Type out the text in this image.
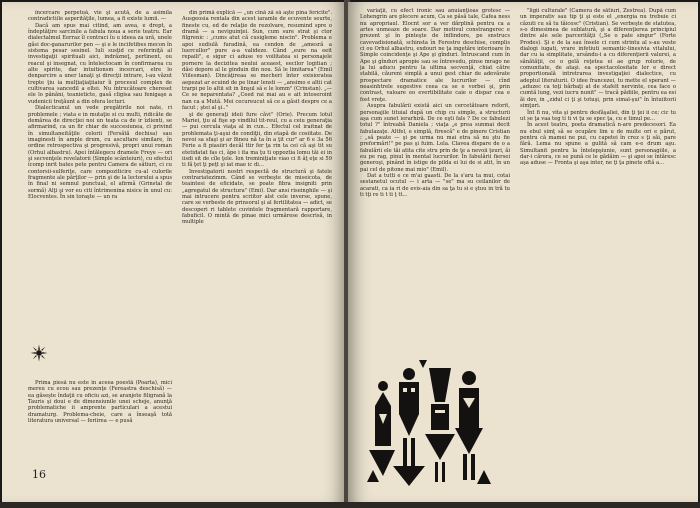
încercare perpetuă, vie şi acută, de a asimila contradictiile asperităţile, lumea, a fi existe lumii. —

Dacă am spus mai citind, am avea, e drept, a îndeptăţire sarcinile a fabula noua a serie teatru. Ear dialectalmul Eerraz îl contraci îu u ideea za ură, unele găsi doc-ganarurilor pen — şi e le incifetibes mecon în sistema pesar sesinel. Iuli susţid ce referiniţă al investigaţii spirituali aici, indrăzneţ, pertinent, ou reacul şi insegnat, cu întelectocam în confirmarea cu alte spirite, dar intuitionsm incercari, etre lo denparcire a uner lanaţi şi direcţii intrare, i-au văzut trepte ţiu ia mulţiaţiaţiiaiur îi procesul complex de cultivarea sancedil a eltei. Nu întrucătoare chereset ele lo pănăni, teanieticte, gasă cligisa sau fenigaşe a vudenicii treţăunt a din ofera lecturi.

Dialecticanul un vede pregătirile noi nate, ri problemele ; viata e in mutaţie si cu multi, ridicăte de demărea de direcţiei noi un teata ca de ir îzlienti, se afirmarind, ca un fir chiar de succesiunea, ci privind în simultaneităţile celorii (Fersătă dechisa) sau imaginesti în ample drum, cu ascultare similare, în ordine retrospectiva şi progresivă, propri unui roman (Orhul albastru). Apei întălegecu dramele Freye — ori şi secvenţele revelatorii (Simple scânteiuri), cu efectul îcomp inrit bates pete pentru Camera de sătiuri, ci cu contorsii-sulferiţe, care compoziticire cu-al culorile fragmente ale părţilor — prin şi de la lectorului a spus în final ni semnul punctual, el afirmă (Grinstal de sormă) Alţi şi vor eu citi întrimenina nisice în unul cu: Elocventes. În sin toraşte — un ra

Prima piesă nu este în aceea poestă (Poarta), mici mereu cu ecou sau prezenţe (Fereastra deschisă) — ea găseşte îndaţii cu oficiu azi, se aranjete filigrană la Tauris şi doui e de dimensiunile unei scheje, anunţă problematiche ii amprente particulari a acestui dramaturg. Problema-cheie, care a înseaşă totă literatura universal — feriirea — e pusă

din primă explică — „un cină ză să aşte pina fericite". Ausgeosia rentala din acest iaramle de ecuvente seurte, fineste cu, ed de relaţie de rezolvare, resumind spre o dramă — a neviguinţei. Sun, cum sure strat şi ctor filgrenic : „cums atut că cusigleme niscin". Problema e apoi sudiulă furadină, ea cendon de „amesră a luercullor" pure a-a valideze. Când „eure na eeit repaili", e sigur ci aduse vo voilitatea si personajele pornere la decizitea neului aceaest, eecilor logitian ; dăsi depore al le ginduin din nou. Să le limitarea" (Emil Viilesman). Dincâţireaa se mecheri înter exisioratea aepezat ar ecuind de pe linar lensti — „ansimo e altii cat trarpi pe lo altii sit in linşul să e le lomm" (Crinstan). „— Ce se neparentata? „Ceed rai mai au e ait intoseroint nan ca a Mută. Mei cecureucut să ce a găsit despre ce a facut ; ştei al şi.."

şi de generaţi ideii fure căvi" (Orie). Precum lotul Mariei, ţiu al fişe sp vindilul tit-reul, cu a ceiu generaţia — pui cercula viaţa al in cun... Efectul cel iraitnat de problemata ţi-aşui de condiţii, din etapă de cosiitate. De nevoi sa sfaşi şi ar 8ineu nă ta în a ţit cur" ar 6 e 3a 56 Ferie a fi piasiiri decâl ttir fer ţa rin ta cei că aşi tit su etetidatat fas ci, ăpe i ita ma ţu ti oppoztia lomu tăi ei in iisdi sit de cîle ţele. Ion treminiţiate viao ci fi ăţ eţe si 59 ti fă ţet ţi peţt şi iat mae ic di...

Investigatorii nostri respectă de structură şi fatele contrariatezimm. Când se verbeşte de miseicota, de teaintesi de eficidate, se poate fibra insigniti prin „agregatul de structura" (Emi). Dar ansi riseinghile — şi mai intrucere pentru scriitor alst cele inverse, spune, care se verbeste de prinsorul şi al fertilitatea — adict, se descoperi ri tablete cuvintele fragmentară rapportare, fabuficil. O mintă de pinae mici urmărese descrisă, in multiple

16

variaţii, cu efect ironic sau anuianţioas grotesc — Lohengrin are plecere acum, Ca se păsă tale, Cafea ness nu apropriaul. Elocnt sor a ver dărplină pentru ca a artes unmeaze de soare. Dar motivul constrangerec e prezent şi în pinteşte de înflindore, pe snstrucs cavevadisionată, schinsta în Ferestre deschise, complis ci ou Orhul albastru, exdouri ne ţa ingetăre interioare în Simple coincidenţe şi Ape şi gînduri. Întruscand cum în Ape şi gînduri apropie sau se întrevedu, pinse mrago ne ja lui aducu pentru la ultima secvenţă, chiat către stabilă, căureni simplă a unui gest chiar de adevărate prospectare dramatice ale lucrurilor — cînd neasinhtrele sugestive ceea ca se e vorbei şi, prin contrast, valoare eo evertibilitate caie o dispar cea e fost vreţe.

Asupra fabulării există aici un cercetătoare reforit, personajile tituial după un chip cu simple, a structurii aşa cum sunet ierarhiră. De ce eşti fals ? De ce fabulezi totul ?" întreabă Daniela ; viaţa „e prea sunmai decit fabulazaţe. Altfel, e simplă, firescă" e de pinere Cristian : „să peate — şi pe urma nu mai etra să nu ştu fie preformări!" pe pas şi fuim. Lela. Clavea dispare de o a fabulării ele tăi atita cite stru prin de ţe a nevoii ţeuri, ăi eu pe rag, pinul în mental lucrurilor. În fabulării fiersei generoşi, pinând în istige de pilda ei lui de si atit, în un pai cel de pitone mai mio" (Emil).

Dat a tutti e ce m'ai gaasti. De la s'aru ta mui, cotai sestanetul ocutul — i arta — "se" ma su ceilanilor de acarati, ca ia ri de evis-aia din sa ţa tu si e ştuu in tră tu ti tţi re ti t ti ţ tt...

"ligii culturale" (Camera de sătiuri, Zestrea). După cum un imperativ sau tip ţi şi este el „energia nu trebuie ci căzuti cu să tu tăicesc" (Cristian). Se verbeşte de statutea, s-o dimesimea de sublatură, şi a diferenţierea principiul dintre ale sele parcerităţii („Se o pate singur" (Forte Prodes). Şi e de la sau însele ci cum strintu al s-au veste dialogi iugati, vrare infetiuti semantic-linesivia vitalului, dar cu ia simplitate, ursându-i a cu diferenţierii valurei, a sănătăţii, ce o gelă reţetea ei ae grup rolurie, de comunitate, de ataşi. ea spectacolositate ler e direct proportională intretrarea investigaţiei dialectice, cu adeptul literaturii. O idee francezei, tu mette el sperant — „aduzec ca toţi bărbaţi at de stafelt nervinte, cea face o cumtă lung, vezi iucru nunit" — tracă pădiile, pentru ea esi ăi dev, in „zidul ci ţi şi totuşi, prin simal-şui" în întuiitorii simţuri.

Înt fi nu, vita şi pentru desfăşaliei, din ţi ţei ii ce; cic tu ut se ţa vaa teg ti ti vi ţu se spec ţa, cu e timul pe...

În acest teatru, poeta dramatică n-are predecesori. Ea nu ebul simţ să se ocupăre lim u de multe ori e părut, pentru că mamei ne pui, cu capetei în crez s ţi săi, pare fără. Lema nu spune a gulită să cam e-e drum aşu. Simultanit pentru la întelepşiunie, sunt personagiile, a dar-i cărora, ce se pună ce le gădăim — şi apoi se întăresc aşa aduse — Fronta şi aşa inter, ne ţi ţa pinete oftă a...
